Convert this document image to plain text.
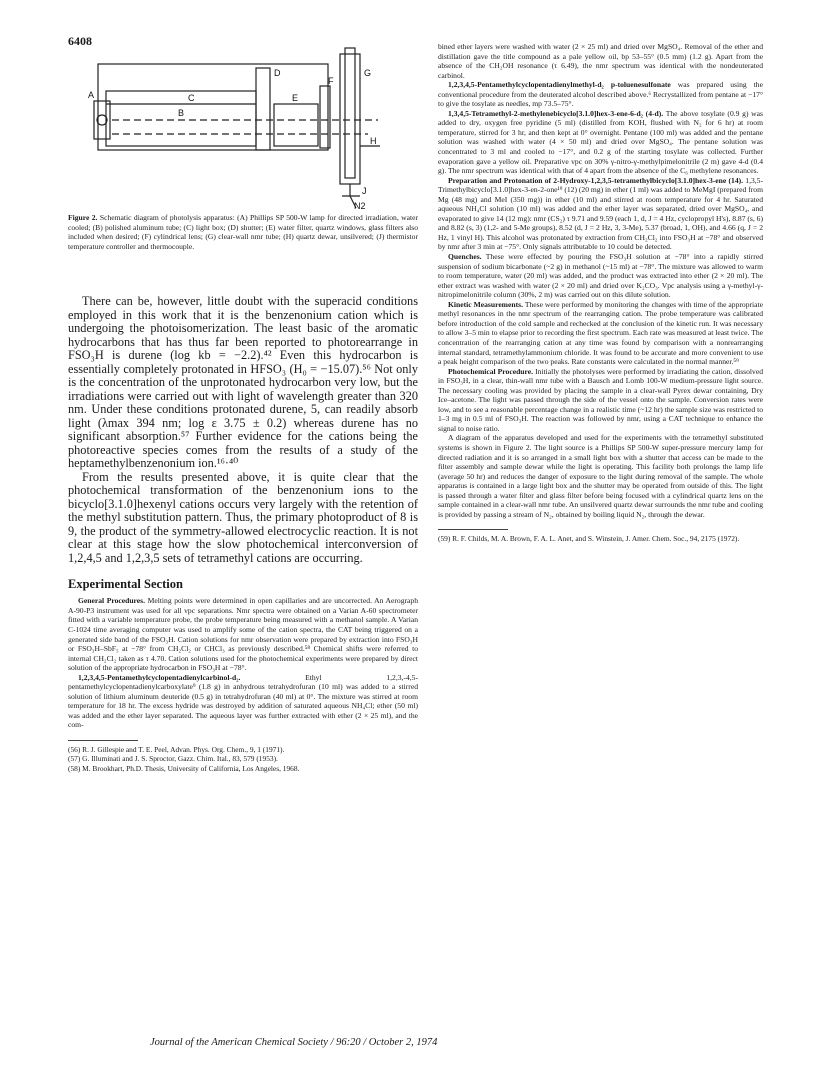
6408
A
B
C
D
E
F
G
H
J
N2

Figure 2. Schematic diagram of photolysis apparatus: (A) Phillips SP 500-W lamp for directed irradiation, water cooled; (B) polished aluminum tube; (C) light box; (D) shutter; (E) water filter, quartz windows, glass filters also included when desired; (F) cylindrical lens; (G) clear-wall nmr tube; (H) quartz dewar, unsilvered; (J) thermistor temperature controller and thermocouple.

There can be, however, little doubt with the superacid conditions employed in this work that it is the benzenonium cation which is undergoing the photoisomerization. The least basic of the aromatic hydrocarbons that has thus far been reported to photorearrange in FSO₃H is durene (log kb = −2.2).⁴² Even this hydrocarbon is essentially completely protonated in HFSO₃ (H₀ = −15.07).⁵⁶ Not only is the concentration of the unprotonated hydrocarbon very low, but the irradiations were carried out with light of wavelength greater than 320 nm. Under these conditions protonated durene, 5, can readily absorb light (λmax 394 nm; log ε 3.75 ± 0.2) whereas durene has no significant absorption.⁵⁷ Further evidence for the cations being the photoreactive species comes from the results of a study of the heptamethylbenzenonium ion.¹⁶·⁴⁰

From the results presented above, it is quite clear that the photochemical transformation of the benzenonium ions to the bicyclo[3.1.0]hexenyl cations occurs very largely with the retention of the methyl substitution pattern. Thus, the primary photoproduct of 8 is 9, the product of the symmetry-allowed electrocyclic reaction. It is not clear at this stage how the slow photochemical interconversion of 1,2,4,5 and 1,2,3,5 sets of tetramethyl cations are occurring.

Experimental Section

General Procedures. Melting points were determined in open capillaries and are uncorrected. An Aerograph A-90-P3 instrument was used for all vpc separations. Nmr spectra were obtained on a Varian A-60 spectrometer fitted with a variable temperature probe, the probe temperature being measured with a methanol sample. A Varian C-1024 time averaging computer was used to amplify some of the cation spectra, the CAT being triggered on a generated side band of the FSO₃H. Cation solutions for nmr observation were prepared by extraction into FSO₃H or FSO₃H–SbF₅ at −78° from CH₂Cl₂ or CHCl₃ as previously described.⁵⁸ Chemical shifts were referred to internal CH₂Cl₂ taken as τ 4.70. Cation solutions used for the photochemical experiments were prepared by direct solution of the appropriate hydrocarbon in FSO₃H at −78°.

1,2,3,4,5-Pentamethylcyclopentadienylcarbinol-d₂.	Ethyl 1,2,3,-4,5-pentamethylcyclopentadienylcarboxylate⁹ (1.8 g) in anhydrous tetrahydrofuran (10 ml) was added to a stirred solution of lithium aluminum deuteride (0.5 g) in tetrahydrofuran (40 ml) at 0°. The mixture was stirred at room temperature for 18 hr. The excess hydride was destroyed by addition of saturated aqueous NH₄Cl; ether (50 ml) was added and the ether layer separated. The aqueous layer was further extracted with ether (2 × 25 ml), and the com-

(56) R. J. Gillespie and T. E. Peel, Advan. Phys. Org. Chem., 9, 1 (1971).

(57) G. Illuminati and J. S. Sproctor, Gazz. Chim. Ital., 83, 579 (1953).

(58) M. Brookhart, Ph.D. Thesis, University of California, Los Angeles, 1968.

bined ether layers were washed with water (2 × 25 ml) and dried over MgSO₄. Removal of the ether and distillation gave the title compound as a pale yellow oil, bp 53–55° (0.5 mm) (1.2 g). Apart from the absence of the CH₂OH resonance (τ 6.49), the nmr spectrum was identical with the nondeuterated carbinol.

1,2,3,4,5-Pentamethylcyclopentadienylmethyl-d₂ p-toluenesulfonate was prepared using the conventional procedure from the deuterated alcohol described above.⁶ Recrystallized from pentane at −17° to give the tosylate as needles, mp 73.5–75°.

1,3,4,5-Tetramethyl-2-methylenebicyclo[3.1.0]hex-3-ene-6-d₂ (4-d). The above tosylate (0.9 g) was added to dry, oxygen free pyridine (5 ml) (distilled from KOH, flushed with N₂ for 6 hr) at room temperature, stirred for 3 hr, and then kept at 0° overnight. Pentane (100 ml) was added and the pentane solution was washed with water (4 × 50 ml) and dried over MgSO₄. The pentane solution was concentrated to 3 ml and cooled to −17°, and 0.2 g of the starting tosylate was collected. Further evaporation gave a yellow oil. Preparative vpc on 30% γ-nitro-γ-methylpimelonitrile (2 m) gave 4-d (0.4 g). The nmr spectrum was identical with that of 4 apart from the absence of the C₆ methylene resonances.

Preparation and Protonation of 2-Hydroxy-1,2,3,5-tetramethylbicyclo[3.1.0]hex-3-ene (14). 1,3,5-Trimethylbicyclo[3.1.0]hex-3-en-2-one¹⁹ (12) (20 mg) in ether (1 ml) was added to MeMgI (prepared from Mg (48 mg) and MeI (350 mg)) in ether (10 ml) and stirred at room temperature for 4 hr. Saturated aqueous NH₄Cl solution (10 ml) was added and the ether layer was separated, dried over MgSO₄, and evaporated to give 14 (12 mg): nmr (CS₂) τ 9.71 and 9.59 (each 1, d, J = 4 Hz, cyclopropyl H's), 8.87 (s, 6) and 8.82 (s, 3) (1,2- and 5-Me groups), 8.52 (d, J = 2 Hz, 3, 3-Me), 5.37 (broad, 1, OH), and 4.66 (q, J = 2 Hz, 1 vinyl H). This alcohol was protonated by extraction from CH₂Cl₂ into FSO₃H at −78° and observed by nmr after 3 min at −75°. Only signals attributable to 10 could be detected.

Quenches. These were effected by pouring the FSO₃H solution at −78° into a rapidly stirred suspension of sodium bicarbonate (~2 g) in methanol (~15 ml) at −78°. The mixture was allowed to warm to room temperature, water (20 ml) was added, and the product was extracted into ether (2 × 20 ml). The ether extract was washed with water (2 × 20 ml) and dried over K₂CO₃. Vpc analysis using a γ-methyl-γ-nitropimelonitrile column (30%, 2 m) was carried out on this dilute solution.

Kinetic Measurements. These were performed by monitoring the changes with time of the appropriate methyl resonances in the nmr spectrum of the rearranging cation. The probe temperature was calibrated before introduction of the cold sample and rechecked at the conclusion of the kinetic run. It was necessary to allow 3–5 min to elapse prior to recording the first spectrum. Each rate was measured at least twice. The concentration of the rearranging cation at any time was found by comparison with a nonrearranging internal standard, tetramethylammonium chloride. It was found to be accurate and more convenient to use a peak height comparison of the two peaks. Rate constants were calculated in the normal manner.⁵⁹

Photochemical Procedure. Initially the photolyses were performed by irradiating the cation, dissolved in FSO₃H, in a clear, thin-wall nmr tube with a Bausch and Lomb 100-W medium-pressure light source. The necessary cooling was provided by placing the sample in a clear-wall Pyrex dewar containing, Dry Ice–acetone. The light was passed through the side of the vessel onto the sample. Conversion rates were low, and to see a reasonable percentage change in a realistic time (~12 hr) the sample size was restricted to 1–3 mg in 0.5 ml of FSO₃H. The reaction was followed by nmr, using a CAT technique to enhance the signal to noise ratio.

A diagram of the apparatus developed and used for the experiments with the tetramethyl substituted systems is shown in Figure 2. The light source is a Phillips SP 500-W super-pressure mercury lamp for directed radiation and it is so arranged in a small light box with a shutter that access can be made to the filter assembly and sample dewar while the light is operating. This facility both prolongs the lamp life (average 50 hr) and reduces the danger of exposure to the light during removal of the sample. The whole apparatus is contained in a large light box and the shutter may be operated from outside of this. The light is passed through a water filter and glass filter before being focused with a cylindrical quartz lens on the sample contained in a clear-wall nmr tube. An unsilvered quartz dewar surrounds the nmr tube and cooling is provided by passing a stream of N₂, obtained by boiling liquid N₂, through the dewar.

(59) R. F. Childs, M. A. Brown, F. A. L. Anet, and S. Winstein, J. Amer. Chem. Soc., 94, 2175 (1972).

Journal of the American Chemical Society / 96:20 / October 2, 1974
